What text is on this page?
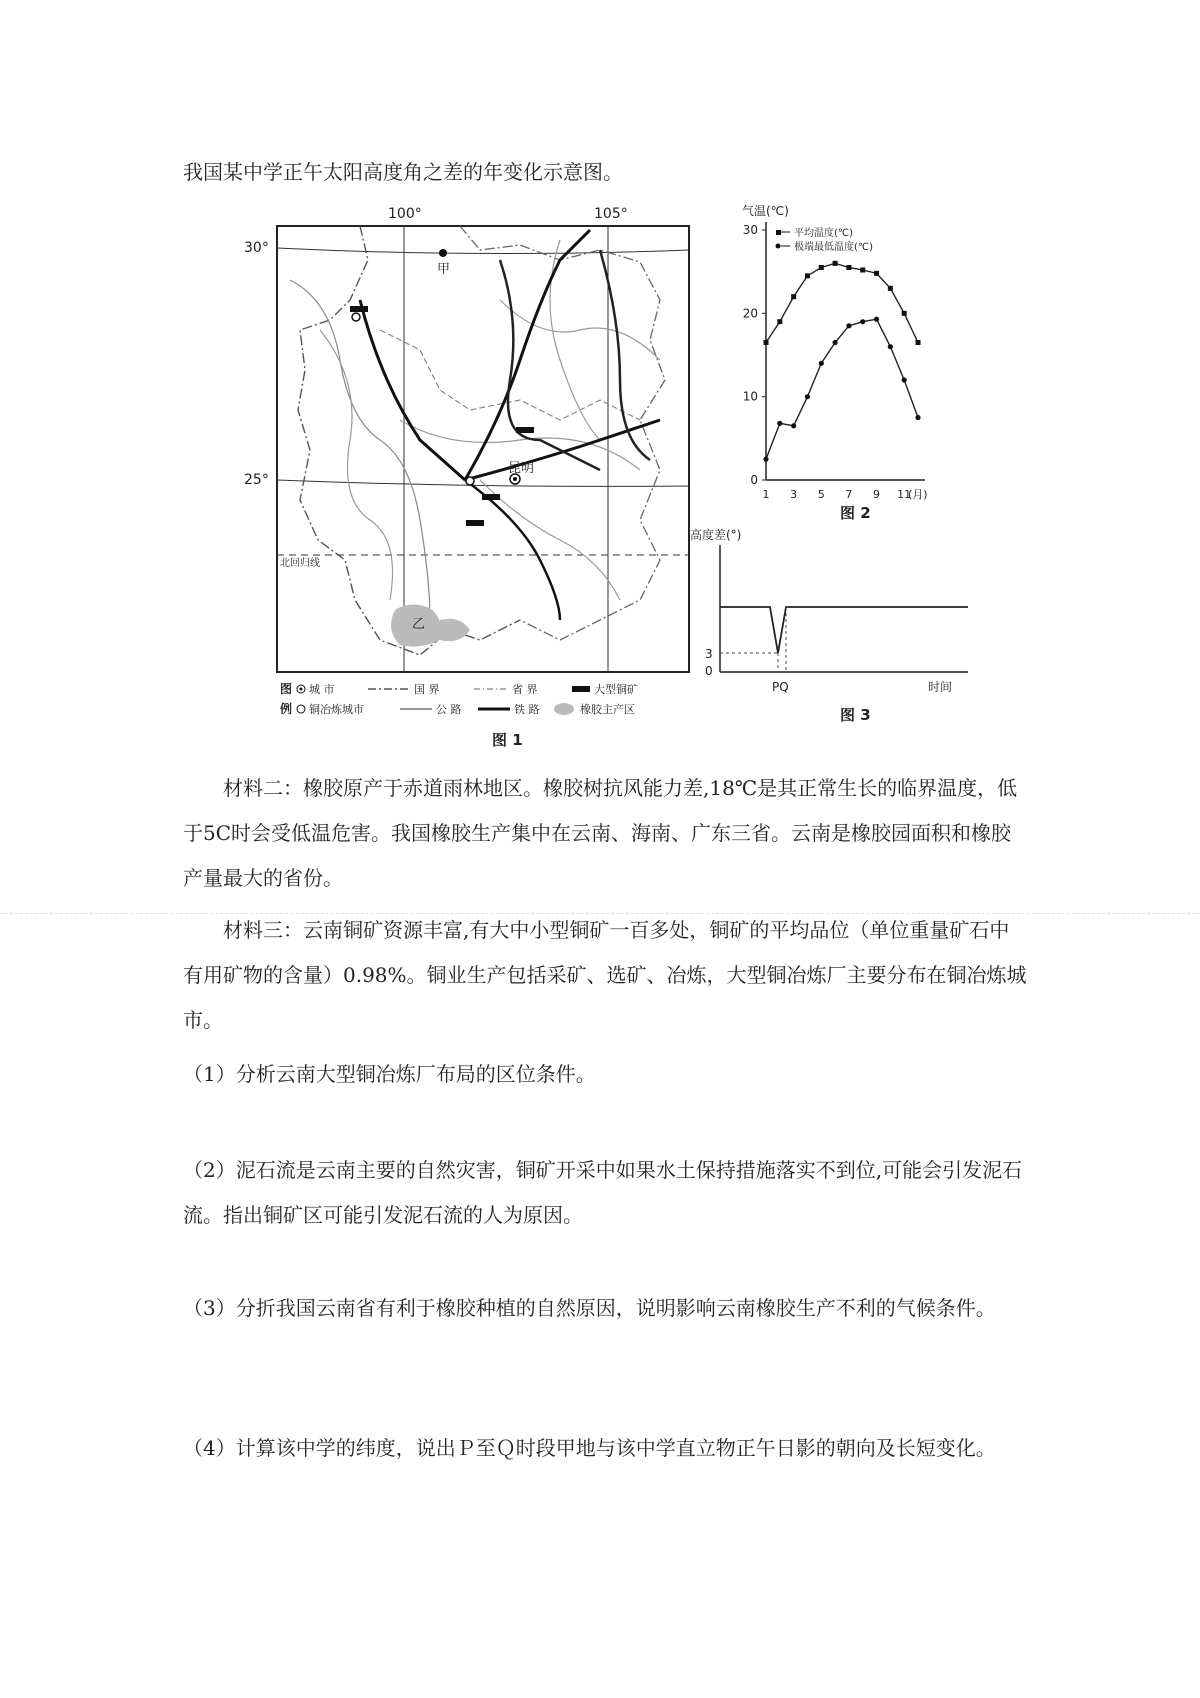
我国某中学正午太阳高度角之差的年变化示意图。

100°	105°
30°
25°
北回归线
甲
昆明
乙
图
例
城 市	国 界	省 界	大型铜矿
铜冶炼城市	公 路	铁 路	橡胶主产区
图 1
气温(℃)
0
10
20
30
1 3 5 7 9 11
(月)
平均温度(℃)
极端最低温度(℃)
图 2
高度差(°)
3
0
PQ	时间
图 3

材料二：橡胶原产于赤道雨林地区。橡胶树抗风能力差,18℃是其正常生长的临界温度，低于5C时会受低温危害。我国橡胶生产集中在云南、海南、广东三省。云南是橡胶园面积和橡胶产量最大的省份。

材料三：云南铜矿资源丰富,有大中小型铜矿一百多处，铜矿的平均品位（单位重量矿石中有用矿物的含量）0.98%。铜业生产包括采矿、选矿、冶炼，大型铜冶炼厂主要分布在铜冶炼城市。

（1）分析云南大型铜冶炼厂布局的区位条件。

（2）泥石流是云南主要的自然灾害，铜矿开采中如果水土保持措施落实不到位,可能会引发泥石流。指出铜矿区可能引发泥石流的人为原因。

（3）分折我国云南省有利于橡胶种植的自然原因，说明影响云南橡胶生产不利的气候条件。

（4）计算该中学的纬度，说出Ｐ至Ｑ时段甲地与该中学直立物正午日影的朝向及长短变化。
